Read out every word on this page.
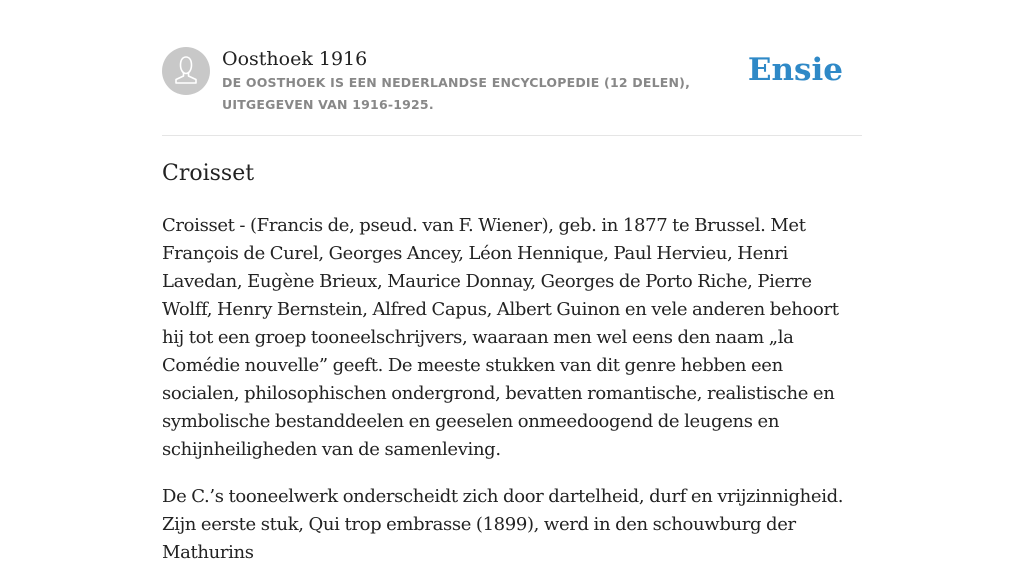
Oosthoek 1916
DE OOSTHOEK IS EEN NEDERLANDSE ENCYCLOPEDIE (12 DELEN), UITGEGEVEN VAN 1916-1925.
Ensie
Croisset

Croisset - (Francis de, pseud. van F. Wiener), geb. in 1877 te Brussel. Met François de Curel, Georges Ancey, Léon Hennique, Paul Hervieu, Henri Lavedan, Eugène Brieux, Maurice Donnay, Georges de Porto Riche, Pierre Wolff, Henry Bernstein, Alfred Capus, Albert Guinon en vele anderen behoort hij tot een groep tooneelschrijvers, waaraan men wel eens den naam „la Comédie nouvelle” geeft. De meeste stukken van dit genre hebben een socialen, philosophischen ondergrond, bevatten romantische, realistische en symbolische bestanddeelen en geeselen onmeedoogend de leugens en schijnheiligheden van de samenleving.

De C.’s tooneelwerk onderscheidt zich door dartelheid, durf en vrijzinnigheid. Zijn eerste stuk, Qui trop embrasse (1899), werd in den schouwburg der Mathurins
